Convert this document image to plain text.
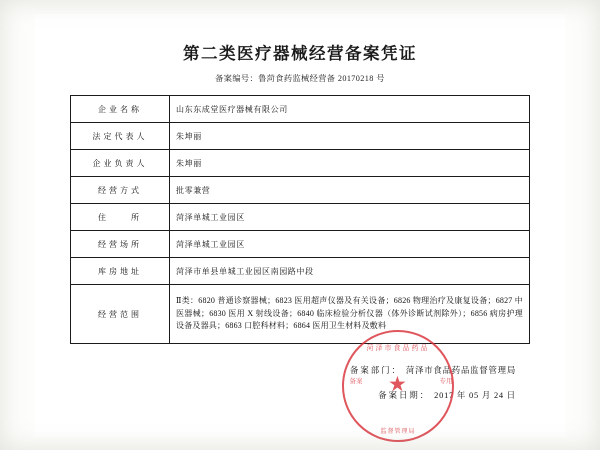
第二类医疗器械经营备案凭证
备案编号：鲁菏食药监械经营备 20170218 号
企业名称	山东东成堂医疗器械有限公司
法定代表人	朱坤丽
企业负责人	朱坤丽
经营方式	批零兼营
住　　所	菏泽单城工业园区
经营场所	菏泽单城工业园区
库房地址	菏泽市单县单城工业园区南园路中段
经营范围	Ⅱ类：6820 普通诊察器械；6823 医用超声仪器及有关设备；6826 物理治疗及康复设备；6827 中医器械；6830 医用 X 射线设备；6840 临床检验分析仪器（体外诊断试剂除外）；6856 病房护理设备及器具；6863 口腔科材料；6864 医用卫生材料及敷料
备案部门： 菏泽市食品药品监督管理局
备案日期： 2017 年 05 月 24 日
菏泽市食品药品
备案	专用
★
监督管理局
